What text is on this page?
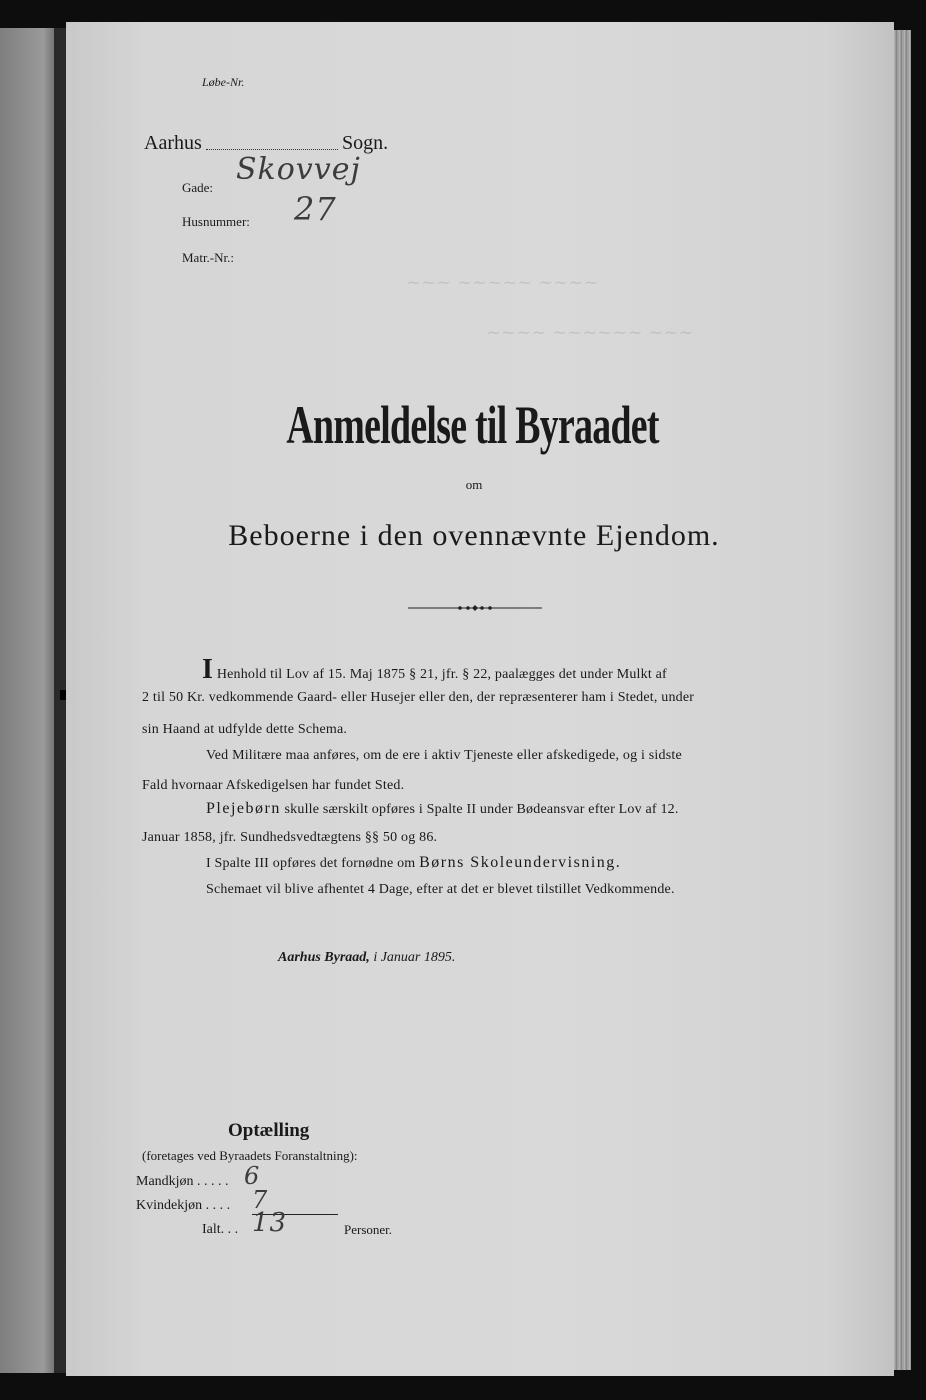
~~~ ~~~~~ ~~~~
~~~~ ~~~~~~ ~~~
Løbe-Nr.
Aarhus	Sogn.
Gade:
Skovvej
Husnummer: 27
Matr.-Nr.:
Anmeldelse til Byraadet
om
Beboerne i den ovennævnte Ejendom.
I Henhold til Lov af 15. Maj 1875 § 21, jfr. § 22, paalægges det under Mulkt af
2 til 50 Kr. vedkommende Gaard- eller Husejer eller den, der repræsenterer ham i Stedet, under
sin Haand at udfylde dette Schema.
Ved Militære maa anføres, om de ere i aktiv Tjeneste eller afskedigede, og i sidste
Fald hvornaar Afskedigelsen har fundet Sted.
Plejebørn skulle særskilt opføres i Spalte II under Bødeansvar efter Lov af 12.
Januar 1858, jfr. Sundhedsvedtægtens §§ 50 og 86.
I Spalte III opføres det fornødne om Børns Skoleundervisning.
Schemaet vil blive afhentet 4 Dage, efter at det er blevet tilstillet Vedkommende.
Aarhus Byraad, i Januar 1895.
Optælling
(foretages ved Byraadets Foranstaltning):
Mandkjøn . . . . . 6
Kvindekjøn . . . . 7
Ialt. . . 13	Personer.
